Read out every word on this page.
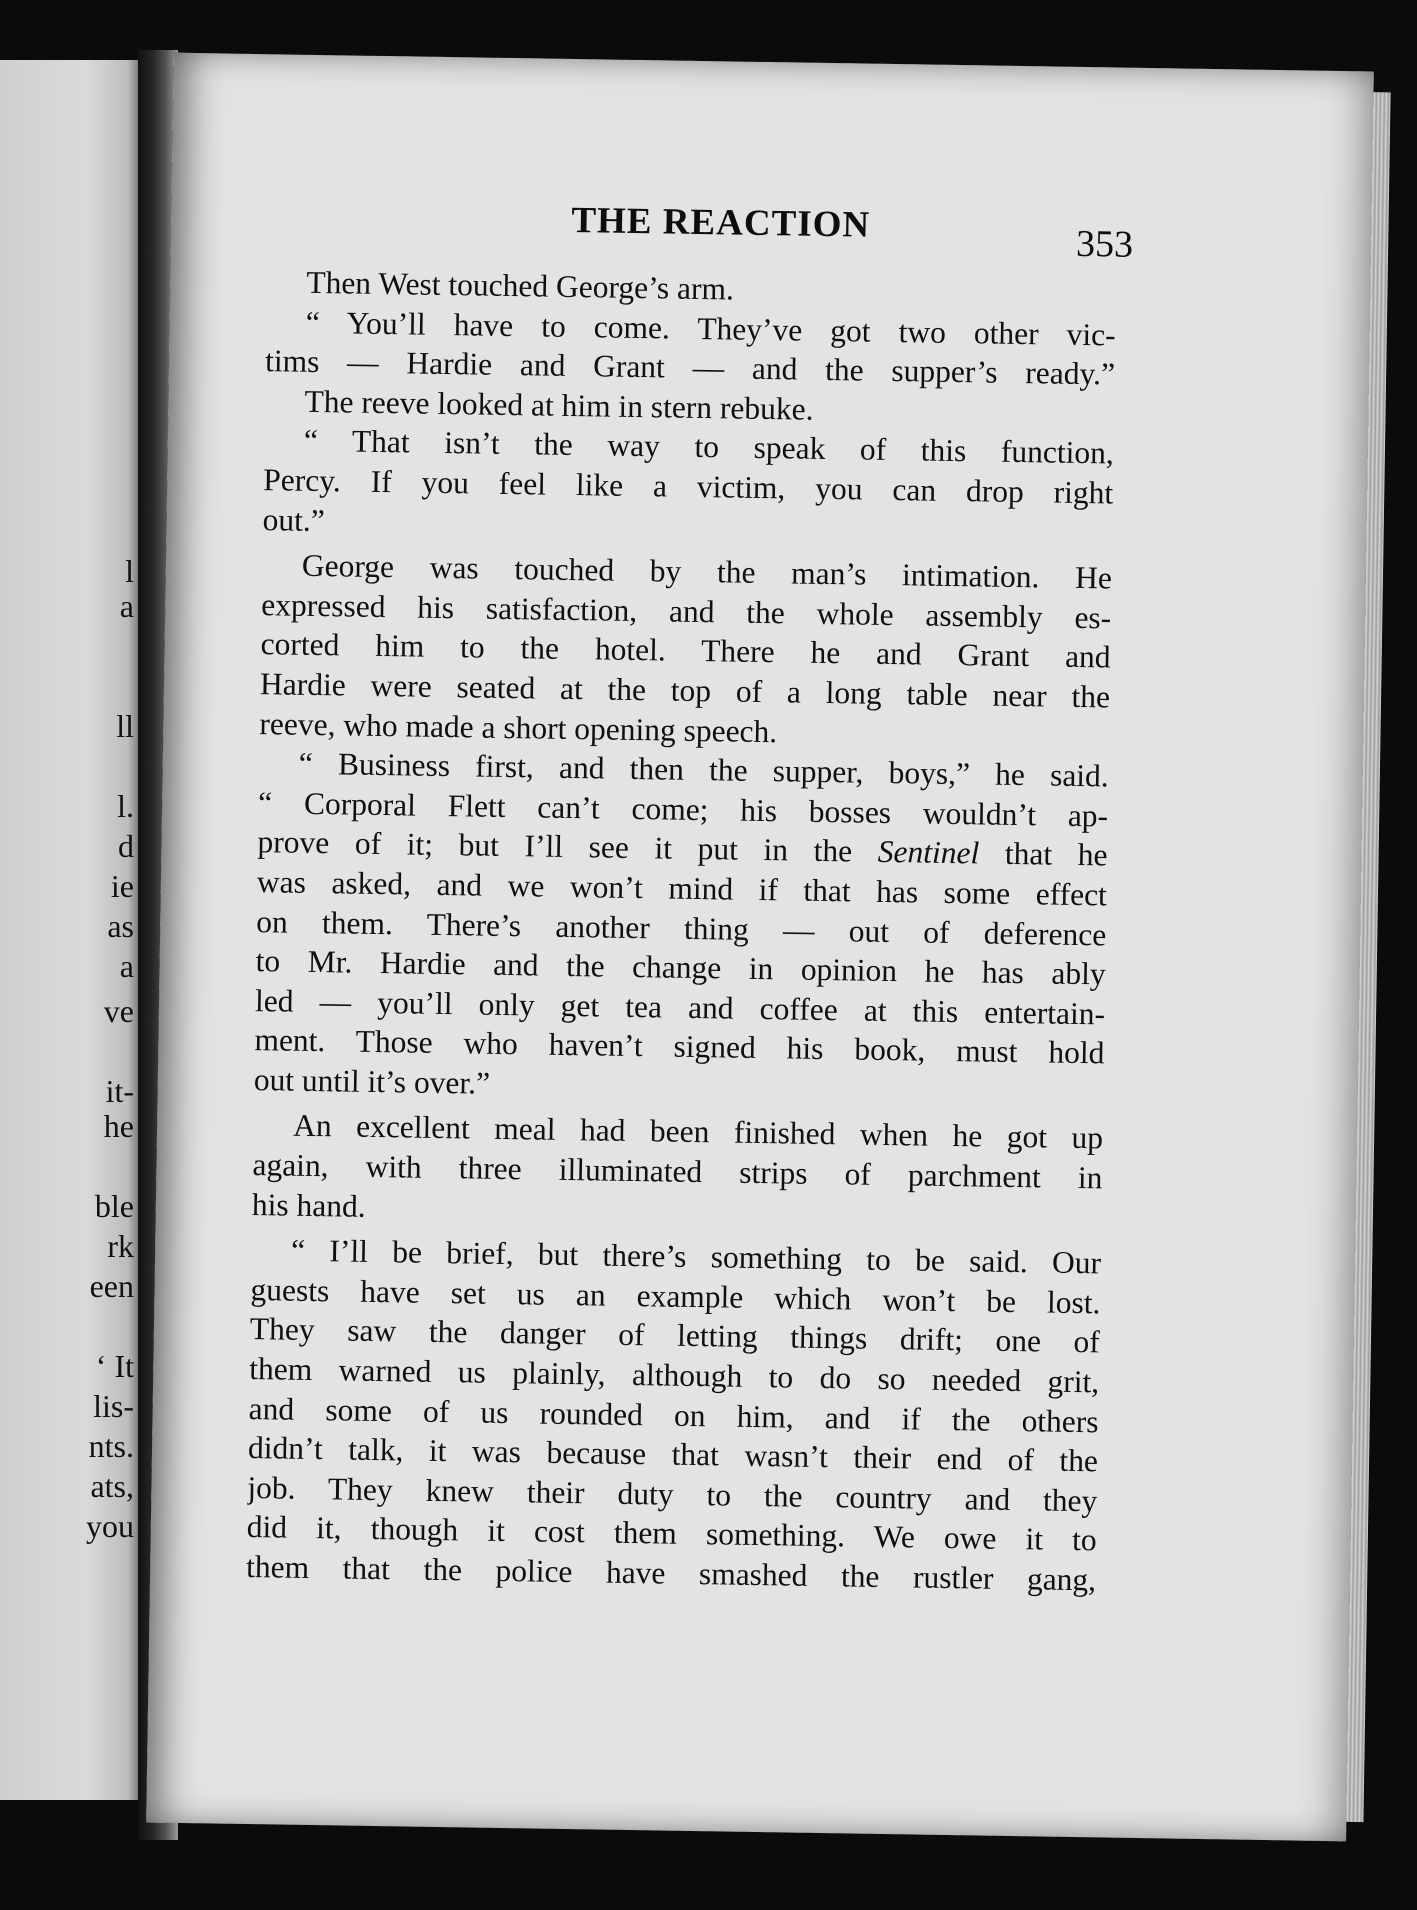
l
a
ll
l.
d
ie
as
a
ve
it-
he
ble
rk
een
‘ It
lis-
nts.
ats,
you
THE REACTION	353
Then West touched George’s arm.
“ You’ll have to come. They’ve got two other vic-
tims — Hardie and Grant — and the supper’s ready.”
The reeve looked at him in stern rebuke.
“ That isn’t the way to speak of this function,
Percy. If you feel like a victim, you can drop right
out.”
George was touched by the man’s intimation. He
expressed his satisfaction, and the whole assembly es-
corted him to the hotel. There he and Grant and
Hardie were seated at the top of a long table near the
reeve, who made a short opening speech.
“ Business first, and then the supper, boys,” he said.
“ Corporal Flett can’t come; his bosses wouldn’t ap-
prove of it; but I’ll see it put in the Sentinel that he
was asked, and we won’t mind if that has some effect
on them. There’s another thing — out of deference
to Mr. Hardie and the change in opinion he has ably
led — you’ll only get tea and coffee at this entertain-
ment. Those who haven’t signed his book, must hold
out until it’s over.”
An excellent meal had been finished when he got up
again, with three illuminated strips of parchment in
his hand.
“ I’ll be brief, but there’s something to be said. Our
guests have set us an example which won’t be lost.
They saw the danger of letting things drift; one of
them warned us plainly, although to do so needed grit,
and some of us rounded on him, and if the others
didn’t talk, it was because that wasn’t their end of the
job. They knew their duty to the country and they
did it, though it cost them something. We owe it to
them that the police have smashed the rustler gang,
